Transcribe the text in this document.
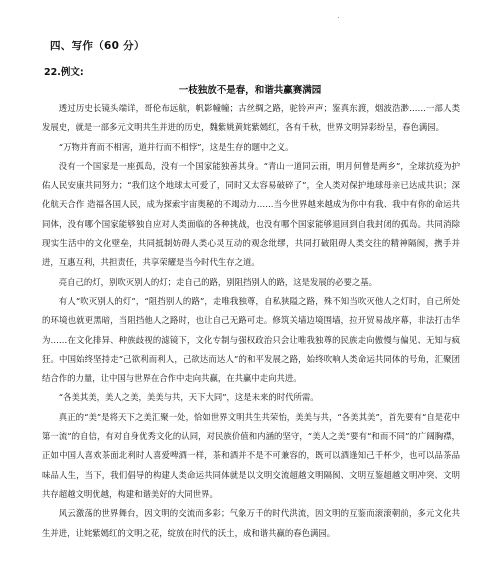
四、写作（60 分）
22.例文:
一枝独放不是春，和谐共赢赛满园

透过历史长镜头端详，哥伦布远航，帆影幢幢；古丝绸之路，驼铃声声；鉴真东渡，烟波浩渺……一部人类发展史，就是一部多元文明共生并进的历史，魏紫姚黄姹紫嫣红，各有千秋，世界文明异彩纷呈，春色满园。

“万物并育而不相害，道并行而不相悖”，这是生存的题中之义。

没有一个国家是一座孤岛，没有一个国家能独善其身。“青山一道同云雨，明月何曾是两乡”，全球抗疫为护佑人民安康共同努力；“我们这个地球太可爱了，同时又太容易破碎了”，全人类对保护地球母亲已达成共识；深化航天合作 造福各国人民，成为探索宇宙奥秘的不竭动力……当今世界越来越成为你中有我、我中有你的命运共同体，没有哪个国家能够独自应对人类面临的各种挑战，也没有哪个国家能够退回到自我封闭的孤岛。共同消除现实生活中的文化壁垒，共同抵制妨碍人类心灵互动的观念纰缪，共同打破阻碍人类交往的精神隔阂，携手并进，互惠互利，共担责任，共享荣耀是当今时代生存之道。

亮自己的灯，别吹灭别人的灯；走自己的路，别阻挡别人的路，这是发展的必要之基。

有人“吹灭别人的灯”，“阻挡别人的路”，走唯我独尊，自私狭隘之路，殊不知当吹灭他人之灯时，自己所处的环境也就更黑暗，当阻挡他人之路时，也让自己无路可走。修筑关墙边境围墙，拉开贸易战序幕，非法打击华为……在文化排异、种族歧视的滤镜下，文化专制与强权政治只会让唯我独尊的民族走向傲慢与偏见、无知与疯狂。中国始终坚持走“己欲利而利人，己欲达而达人”的和平发展之路，始终吹响人类命运共同体的号角，汇聚团结合作的力量，让中国与世界在合作中走向共赢，在共赢中走向共进。

“各美其美，美人之美，美美与共，天下大同”，这是未来的时代所需。

真正的“美”是将天下之美汇聚一处，恰如世界文明共生共荣怡，美美与共，“各美其美”，首先要有“自是花中第一流”的自信，有对自身优秀文化的认同，对民族价值和内涵的坚守，“美人之美”要有“和而不同”的广阔胸襟，正如中国人喜欢茶面北利时人喜爱啤酒一样，茶和酒并不是不可兼容的，既可以酒逢知己千杯少，也可以品茶品味品人生，当下，我们倡导的构建人类命运共同体就是以文明交流超越文明隔阂、文明互鉴超越文明冲突、文明共存超越文明优越，构建和谐美好的大同世界。

风云激荡的世界舞台，因文明的交流而多彩；气象万千的时代洪流，因文明的互鉴而滚滚朝前，多元文化共生并进，让姹紫嫣红的文明之花，绽放在时代的沃土，成和谐共赢的春色满园。
